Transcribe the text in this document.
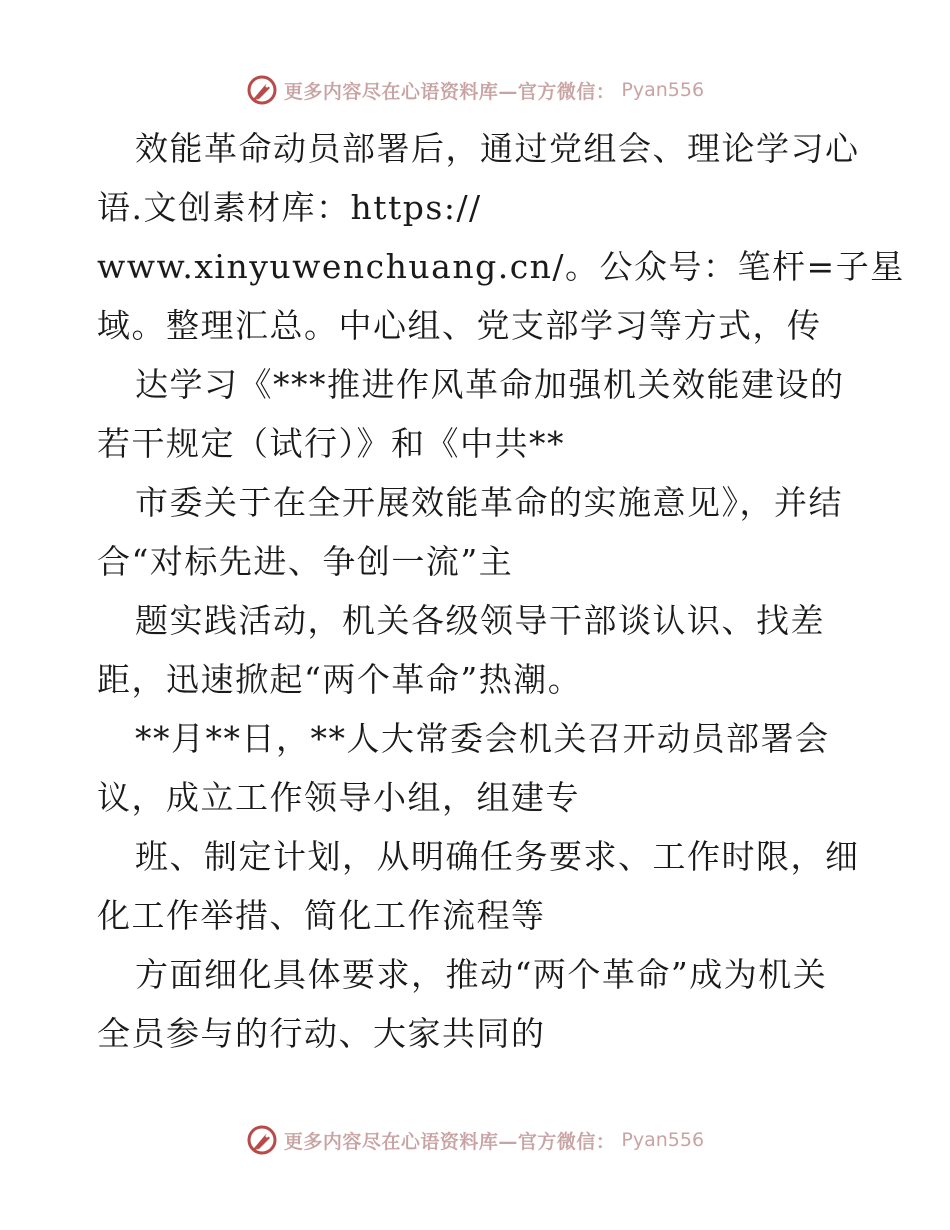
更多内容尽在心语资料库—官方微信： Pyan556
效能革命动员部署后，通过党组会、理论学习心
语.文创素材库：https://
www.xinyuwenchuang.cn/。公众号：笔杆=子星
域。整理汇总。中心组、党支部学习等方式，传
达学习《***推进作风革命加强机关效能建设的
若干规定（试行）》和《中共**
市委关于在全开展效能革命的实施意见》，并结
合“对标先进、争创一流”主
题实践活动，机关各级领导干部谈认识、找差
距，迅速掀起“两个革命”热潮。
**月**日，**人大常委会机关召开动员部署会
议，成立工作领导小组，组建专
班、制定计划，从明确任务要求、工作时限，细
化工作举措、简化工作流程等
方面细化具体要求，推动“两个革命”成为机关
全员参与的行动、大家共同的
更多内容尽在心语资料库—官方微信： Pyan556
